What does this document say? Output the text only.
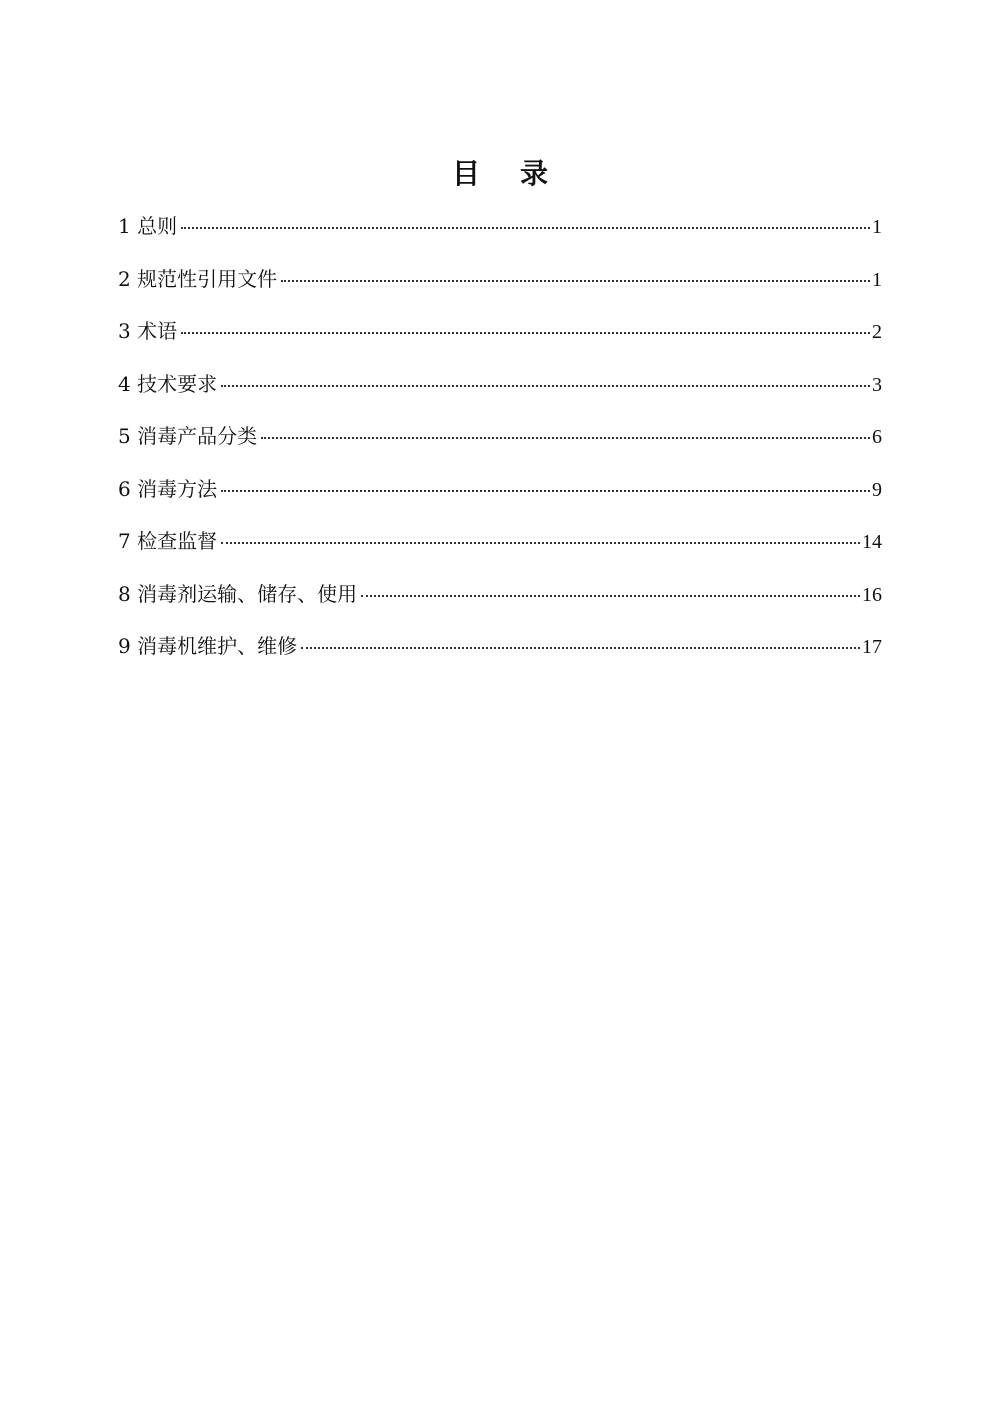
目 录
1 总则	1
2 规范性引用文件	1
3 术语	2
4 技术要求	3
5 消毒产品分类	6
6 消毒方法	9
7 检查监督	14
8 消毒剂运输、储存、使用	16
9 消毒机维护、维修	17
